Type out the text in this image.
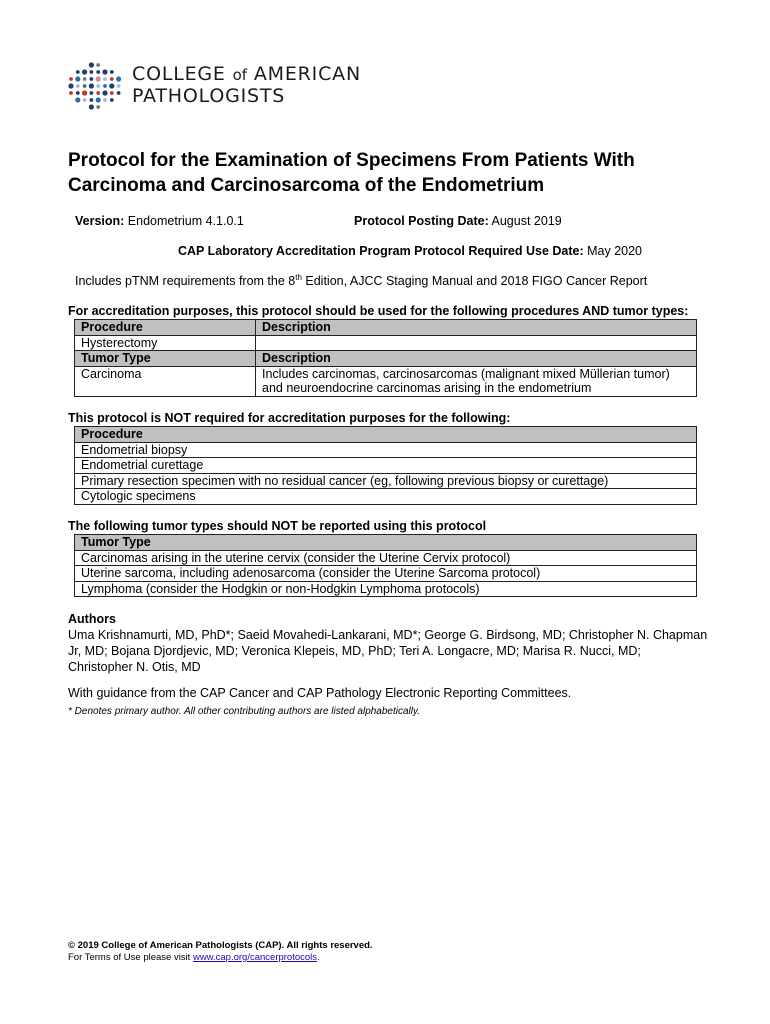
COLLEGE of AMERICAN
PATHOLOGISTS
Protocol for the Examination of Specimens From Patients With Carcinoma and Carcinosarcoma of the Endometrium
Version: Endometrium 4.1.0.1	Protocol Posting Date: August 2019
CAP Laboratory Accreditation Program Protocol Required Use Date: May 2020
Includes pTNM requirements from the 8th Edition, AJCC Staging Manual and 2018 FIGO Cancer Report
For accreditation purposes, this protocol should be used for the following procedures AND tumor types:
Procedure	Description
Hysterectomy	
Tumor Type	Description
Carcinoma	Includes carcinomas, carcinosarcomas (malignant mixed Müllerian tumor) and neuroendocrine carcinomas arising in the endometrium
This protocol is NOT required for accreditation purposes for the following:
Procedure
Endometrial biopsy
Endometrial curettage
Primary resection specimen with no residual cancer (eg, following previous biopsy or curettage)
Cytologic specimens
The following tumor types should NOT be reported using this protocol
Tumor Type
Carcinomas arising in the uterine cervix (consider the Uterine Cervix protocol)
Uterine sarcoma, including adenosarcoma (consider the Uterine Sarcoma protocol)
Lymphoma (consider the Hodgkin or non-Hodgkin Lymphoma protocols)
Authors
Uma Krishnamurti, MD, PhD*; Saeid Movahedi-Lankarani, MD*; George G. Birdsong, MD; Christopher N. Chapman Jr, MD; Bojana Djordjevic, MD; Veronica Klepeis, MD, PhD; Teri A. Longacre, MD; Marisa R. Nucci, MD; Christopher N. Otis, MD
With guidance from the CAP Cancer and CAP Pathology Electronic Reporting Committees.
* Denotes primary author. All other contributing authors are listed alphabetically.
© 2019 College of American Pathologists (CAP). All rights reserved.
For Terms of Use please visit www.cap.org/cancerprotocols.
